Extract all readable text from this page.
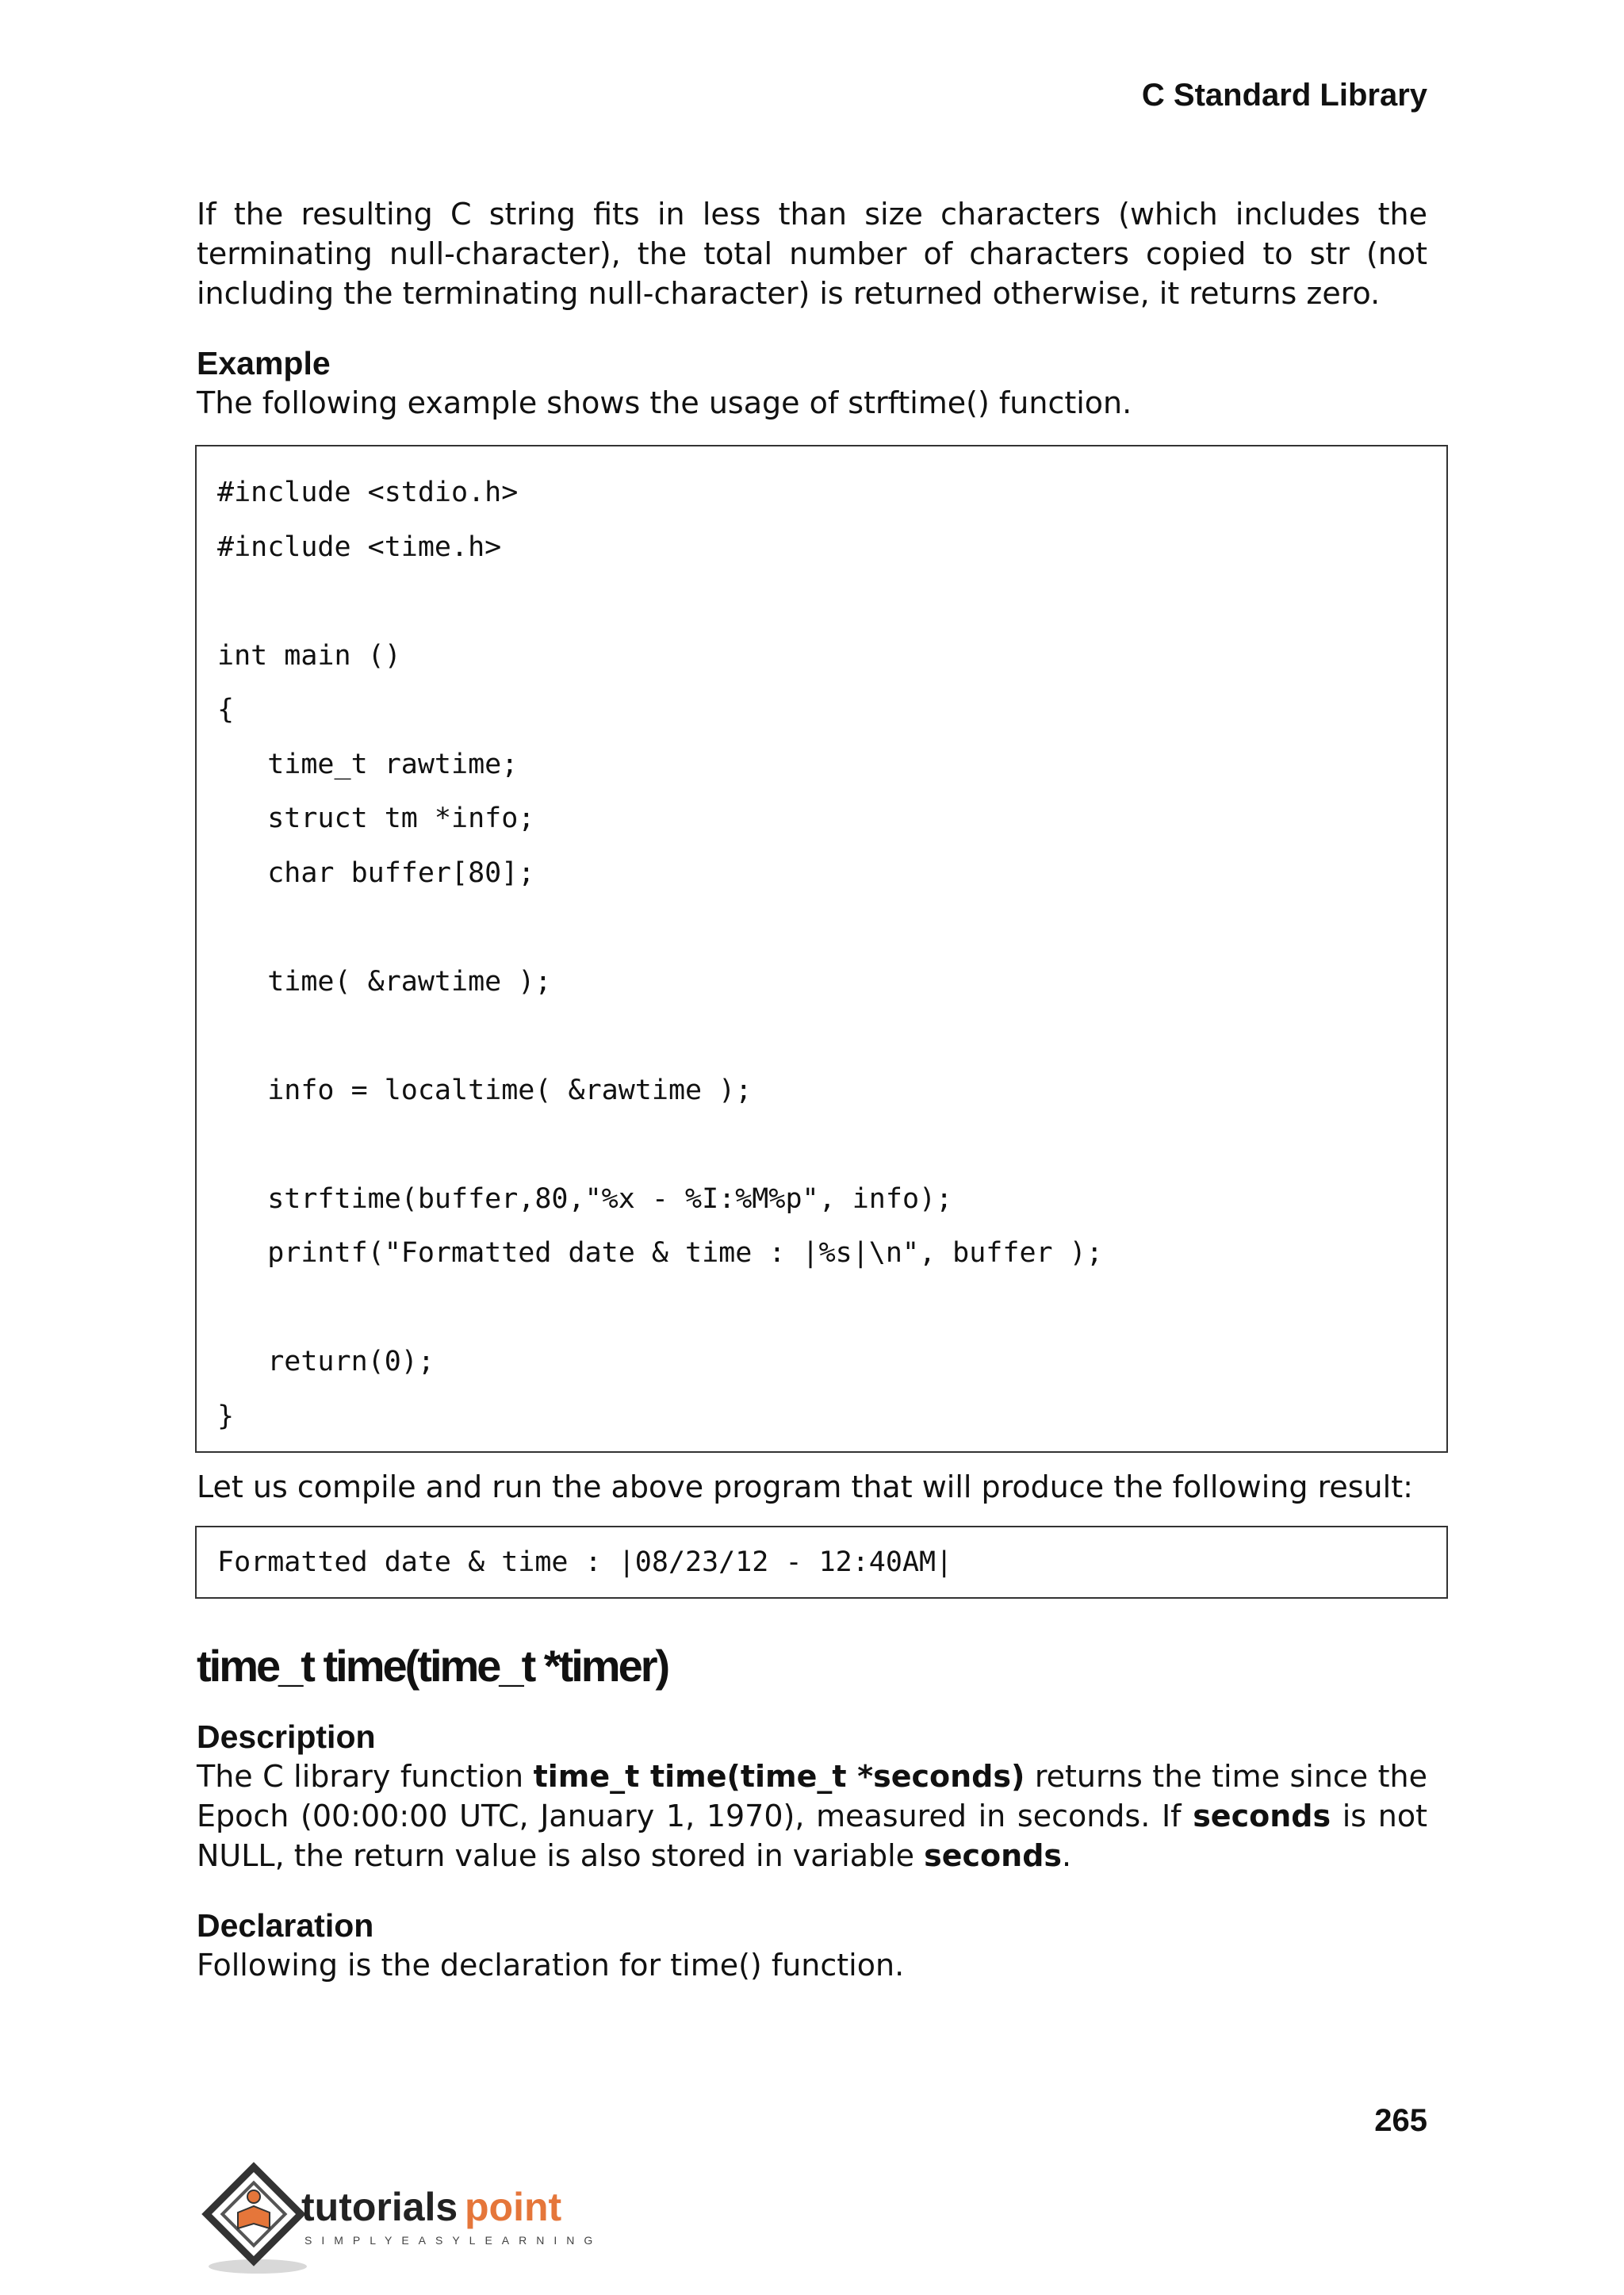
C Standard Library

If the resulting C string fits in less than size characters (which includes the terminating null-character), the total number of characters copied to str (not including the terminating null-character) is returned otherwise, it returns zero.

Example

The following example shows the usage of strftime() function.

#include <stdio.h>
#include <time.h>
int main ()
{
time_t rawtime;
struct tm *info;
char buffer[80];
time( &rawtime );
info = localtime( &rawtime );
strftime(buffer,80,"%x - %I:%M%p", info);
printf("Formatted date & time : |%s|\n", buffer );
return(0);
}

Let us compile and run the above program that will produce the following result:

Formatted date & time : |08/23/12 - 12:40AM|
time_t time(time_t *timer)
Description

The C library function time_t time(time_t *seconds) returns the time since the Epoch (00:00:00 UTC, January 1, 1970), measured in seconds. If seconds is not NULL, the return value is also stored in variable seconds.

Declaration

Following is the declaration for time() function.

265
tutorials point
SIMPLYEASYLEARNING
